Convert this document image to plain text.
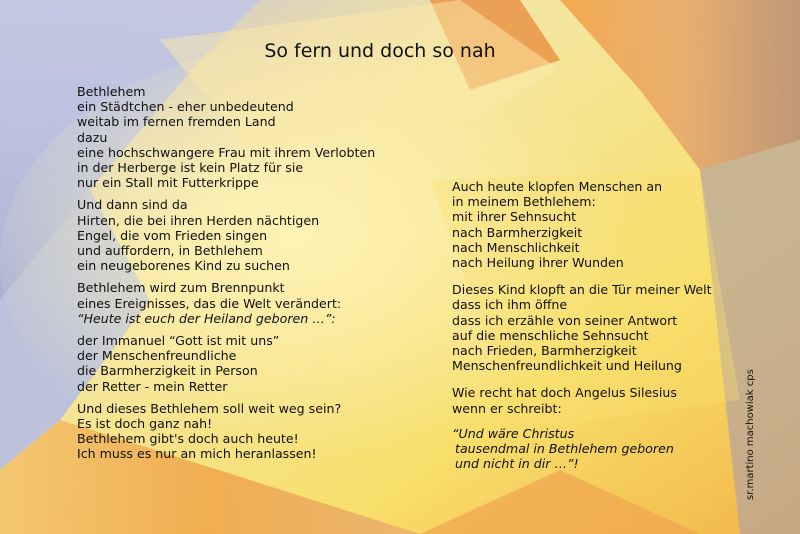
So fern und doch so nah

Bethlehem
ein Städtchen - eher unbedeutend
weitab im fernen fremden Land
dazu
eine hochschwangere Frau mit ihrem Verlobten
in der Herberge ist kein Platz für sie
nur ein Stall mit Futterkrippe

Und dann sind da
Hirten, die bei ihren Herden nächtigen
Engel, die vom Frieden singen
und auffordern, in Bethlehem
ein neugeborenes Kind zu suchen

Bethlehem wird zum Brennpunkt
eines Ereignisses, das die Welt verändert:
“Heute ist euch der Heiland geboren …”:

der Immanuel “Gott ist mit uns”
der Menschenfreundliche
die Barmherzigkeit in Person
der Retter - mein Retter

Und dieses Bethlehem soll weit weg sein?
Es ist doch ganz nah!
Bethlehem gibt's doch auch heute!
Ich muss es nur an mich heranlassen!

Auch heute klopfen Menschen an
in meinem Bethlehem:
mit ihrer Sehnsucht
nach Barmherzigkeit
nach Menschlichkeit
nach Heilung ihrer Wunden

Dieses Kind klopft an die Tür meiner Welt
dass ich ihm öffne
dass ich erzähle von seiner Antwort
auf die menschliche Sehnsucht
nach Frieden, Barmherzigkeit
Menschenfreundlichkeit und Heilung

Wie recht hat doch Angelus Silesius
wenn er schreibt:

“Und wäre Christus
tausendmal in Bethlehem geboren
und nicht in dir …”!	sr.martino machowiak cps
